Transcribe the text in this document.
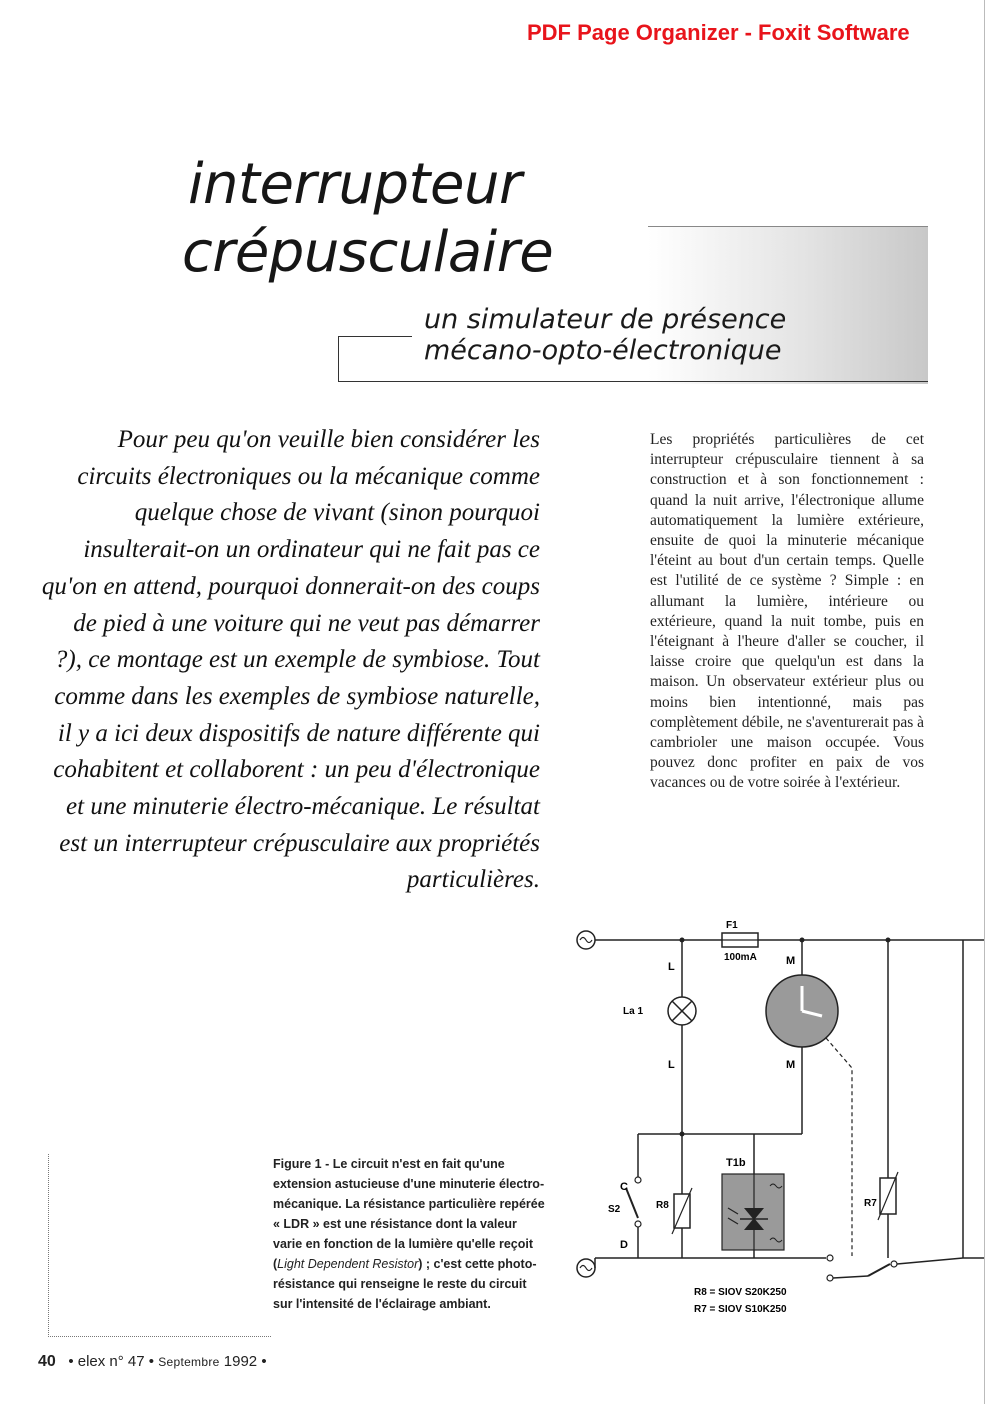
PDF Page Organizer - Foxit Software
interrupteur
crépusculaire
un simulateur de présence
mécano-opto-électronique

Pour peu qu'on veuille bien considérer les circuits électroniques ou la mécanique comme quelque chose de vivant (sinon pourquoi insulterait-on un ordinateur qui ne fait pas ce qu'on en attend, pourquoi donnerait-on des coups de pied à une voiture qui ne veut pas démarrer ?), ce montage est un exemple de symbiose. Tout comme dans les exemples de symbiose naturelle, il y a ici deux dispositifs de nature différente qui cohabitent et collaborent : un peu d'électronique et une minuterie électro-mécanique. Le résultat est un interrupteur crépusculaire aux propriétés particulières.

Les propriétés particulières de cet interrupteur crépusculaire tiennent à sa construction et à son fonctionnement : quand la nuit arrive, l'électronique allume automatiquement la lumière extérieure, ensuite de quoi la minuterie mécanique l'éteint au bout d'un certain temps. Quelle est l'utilité de ce système ? Simple : en allumant la lumière, intérieure ou extérieure, quand la nuit tombe, puis en l'éteignant à l'heure d'aller se coucher, il laisse croire que quelqu'un est dans la maison. Un observateur extérieur plus ou moins bien intentionné, mais pas complètement débile, ne s'aventurerait pas à cambrioler une maison occupée. Vous pouvez donc profiter en paix de vos vacances ou de votre soirée à l'extérieur.

Figure 1 - Le circuit n'est en fait qu'une extension astucieuse d'une minuterie électro-mécanique. La résistance particulière repérée « LDR » est une résistance dont la valeur varie en fonction de la lumière qu'elle reçoit (Light Dependent Resistor) ; c'est cette photo-résistance qui renseigne le reste du circuit sur l'intensité de l'éclairage ambiant.

40 • elex n° 47 • Septembre 1992 •
F1
100mA
La 1
L
L
M
M
C
D
S2	R8
T1b
R7
R8 = SIOV S20K250
R7 = SIOV S10K250
